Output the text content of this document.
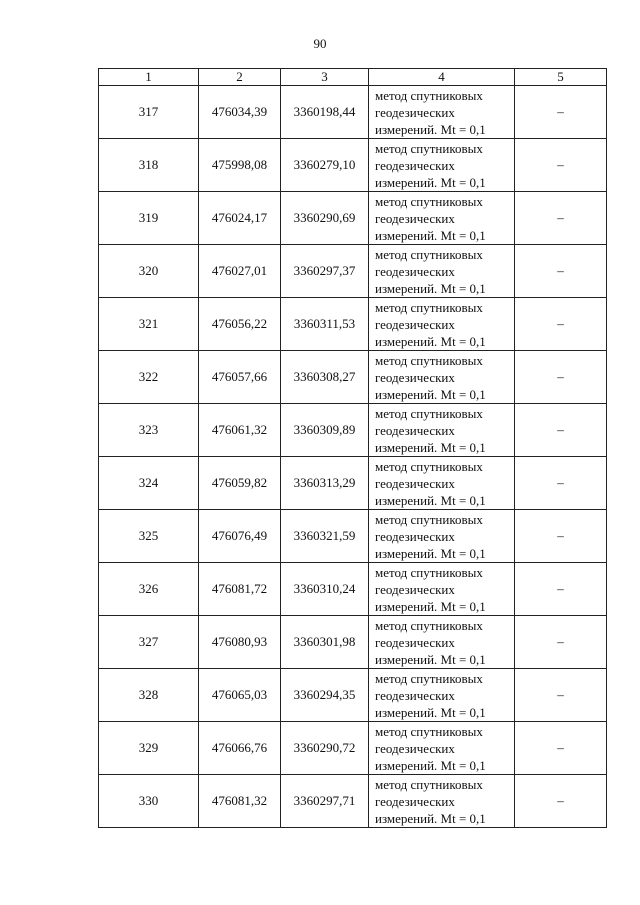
90
1	2	3	4	5
317	476034,39	3360198,44	метод спутниковых
геодезических
измерений. Mt = 0,1	–
318	475998,08	3360279,10	метод спутниковых
геодезических
измерений. Mt = 0,1	–
319	476024,17	3360290,69	метод спутниковых
геодезических
измерений. Mt = 0,1	–
320	476027,01	3360297,37	метод спутниковых
геодезических
измерений. Mt = 0,1	–
321	476056,22	3360311,53	метод спутниковых
геодезических
измерений. Mt = 0,1	–
322	476057,66	3360308,27	метод спутниковых
геодезических
измерений. Mt = 0,1	–
323	476061,32	3360309,89	метод спутниковых
геодезических
измерений. Mt = 0,1	–
324	476059,82	3360313,29	метод спутниковых
геодезических
измерений. Mt = 0,1	–
325	476076,49	3360321,59	метод спутниковых
геодезических
измерений. Mt = 0,1	–
326	476081,72	3360310,24	метод спутниковых
геодезических
измерений. Mt = 0,1	–
327	476080,93	3360301,98	метод спутниковых
геодезических
измерений. Mt = 0,1	–
328	476065,03	3360294,35	метод спутниковых
геодезических
измерений. Mt = 0,1	–
329	476066,76	3360290,72	метод спутниковых
геодезических
измерений. Mt = 0,1	–
330	476081,32	3360297,71	метод спутниковых
геодезических
измерений. Mt = 0,1	–
